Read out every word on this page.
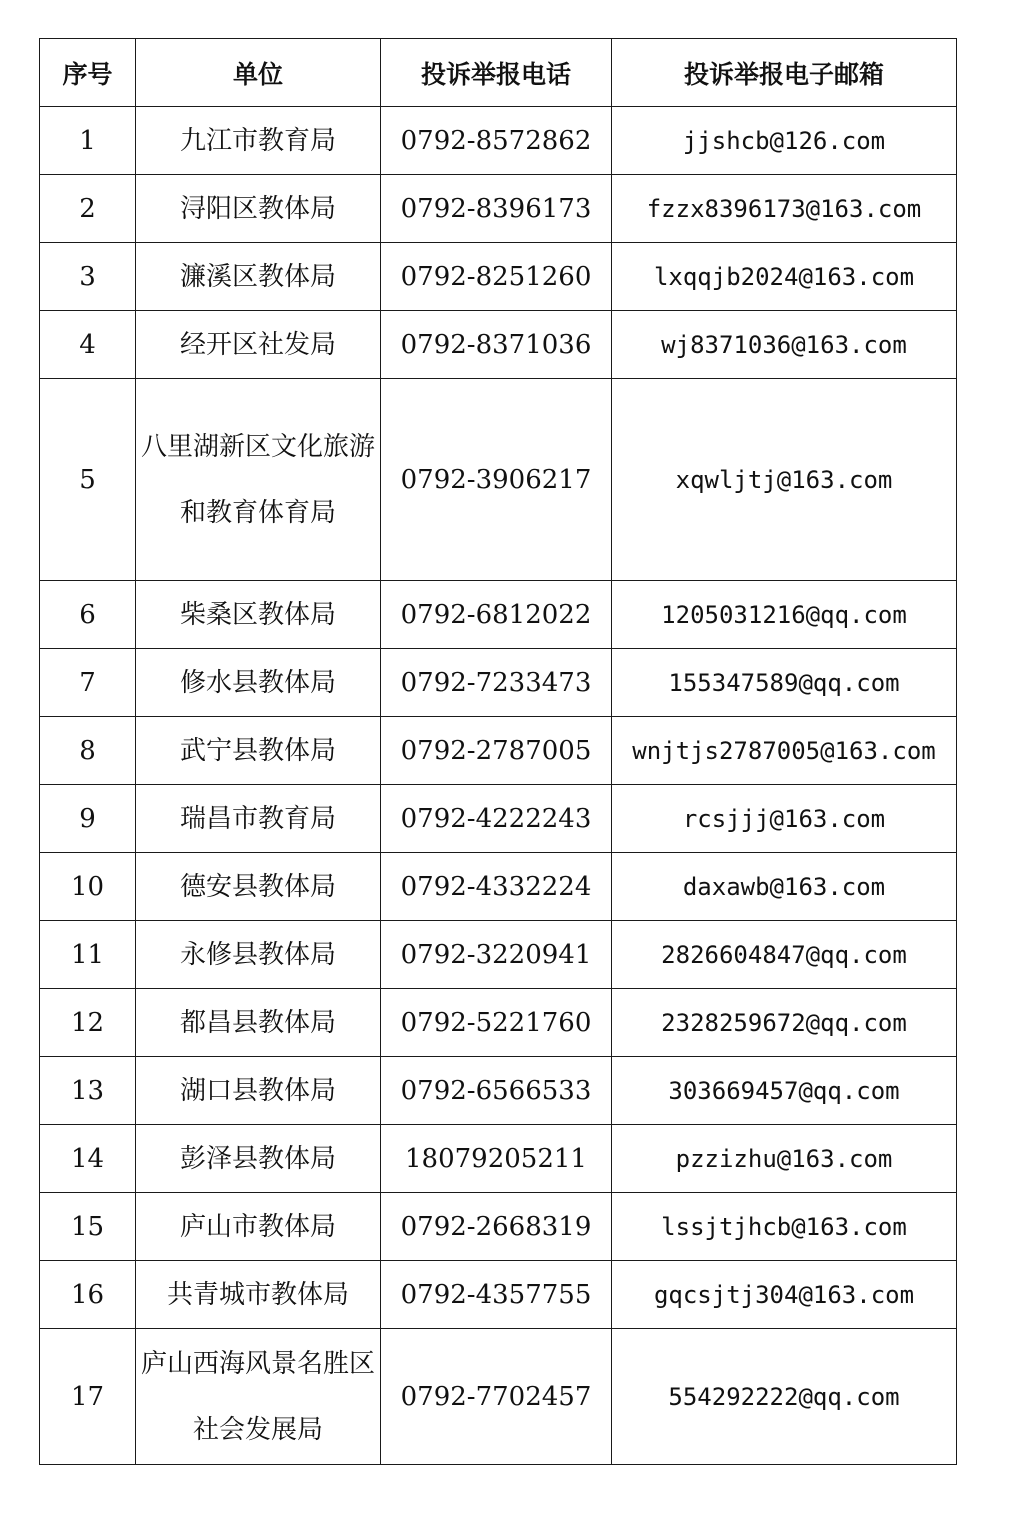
序号	单位	投诉举报电话	投诉举报电子邮箱
1	九江市教育局	0792-8572862	jjshcb@126.com
2	浔阳区教体局	0792-8396173	fzzx8396173@163.com
3	濂溪区教体局	0792-8251260	lxqqjb2024@163.com
4	经开区社发局	0792-8371036	wj8371036@163.com
5	八里湖新区文化旅游和教育体育局	0792-3906217	xqwljtj@163.com
6	柴桑区教体局	0792-6812022	1205031216@qq.com
7	修水县教体局	0792-7233473	155347589@qq.com
8	武宁县教体局	0792-2787005	wnjtjs2787005@163.com
9	瑞昌市教育局	0792-4222243	rcsjjj@163.com
10	德安县教体局	0792-4332224	daxawb@163.com
11	永修县教体局	0792-3220941	2826604847@qq.com
12	都昌县教体局	0792-5221760	2328259672@qq.com
13	湖口县教体局	0792-6566533	303669457@qq.com
14	彭泽县教体局	18079205211	pzzizhu@163.com
15	庐山市教体局	0792-2668319	lssjtjhcb@163.com
16	共青城市教体局	0792-4357755	gqcsjtj304@163.com
17	庐山西海风景名胜区社会发展局	0792-7702457	554292222@qq.com
